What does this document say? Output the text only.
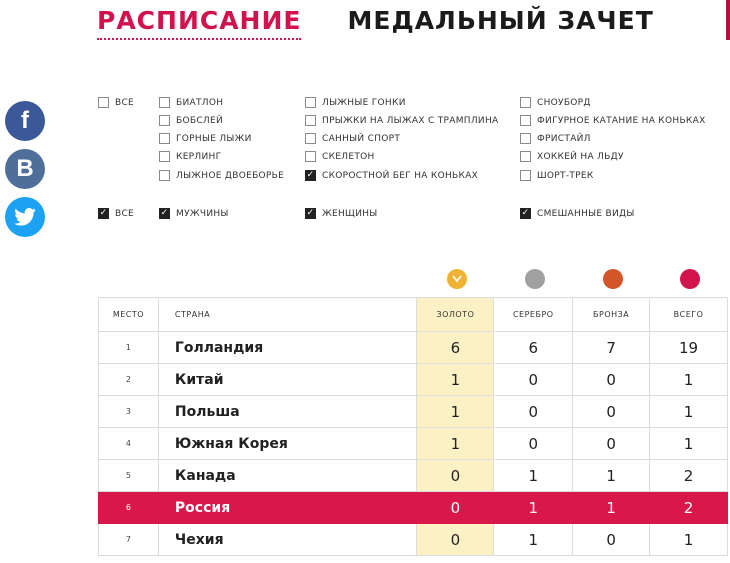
РАСПИСАНИЕ МЕДАЛЬНЫЙ ЗАЧЕТ
f
B
ВСЕ	БИАТЛОН
БОБСЛЕЙ
ГОРНЫЕ ЛЫЖИ
КЕРЛИНГ
ЛЫЖНОЕ ДВОЕБОРЬЕ
ЛЫЖНЫЕ ГОНКИ
ПРЫЖКИ НА ЛЫЖАХ С ТРАМПЛИНА
САННЫЙ СПОРТ
СКЕЛЕТОН
✓ СКОРОСТНОЙ БЕГ НА КОНЬКАХ
СНОУБОРД
ФИГУРНОЕ КАТАНИЕ НА КОНЬКАХ
ФРИСТАЙЛ
ХОККЕЙ НА ЛЬДУ
ШОРТ-ТРЕК
✓ ВСЕ	✓ МУЖЧИНЫ	✓ ЖЕНЩИНЫ	✓ СМЕШАННЫЕ ВИДЫ
МЕСТО	СТРАНА	ЗОЛОТО	СЕРЕБРО	БРОНЗА	ВСЕГО
1	Голландия	6	6	7	19
2	Китай	1	0	0	1
3	Польша	1	0	0	1
4	Южная Корея	1	0	0	1
5	Канада	0	1	1	2
6	Россия	0	1	1	2
7	Чехия	0	1	0	1
